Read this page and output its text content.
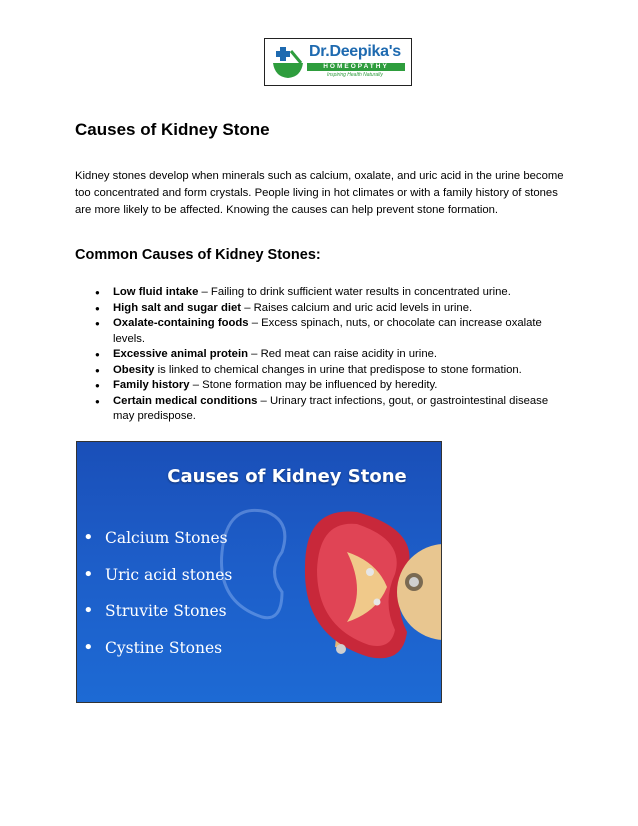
Dr.Deepika's
HOMEOPATHY
Inspiring Health Naturally
Causes of Kidney Stone

Kidney stones develop when minerals such as calcium, oxalate, and uric acid in the urine become too concentrated and form crystals. People living in hot climates or with a family history of stones are more likely to be affected. Knowing the causes can help prevent stone formation.

Common Causes of Kidney Stones:
● Low fluid intake – Failing to drink sufficient water results in concentrated urine.
● High salt and sugar diet – Raises calcium and uric acid levels in urine.
● Oxalate-containing foods – Excess spinach, nuts, or chocolate can increase oxalate levels.
● Excessive animal protein – Red meat can raise acidity in urine.
● Obesity is linked to chemical changes in urine that predispose to stone formation.
● Family history – Stone formation may be influenced by heredity.
● Certain medical conditions – Urinary tract infections, gout, or gastrointestinal disease may predispose.
Causes of Kidney Stone
• Calcium Stones
• Uric acid stones
• Struvite Stones
• Cystine Stones
